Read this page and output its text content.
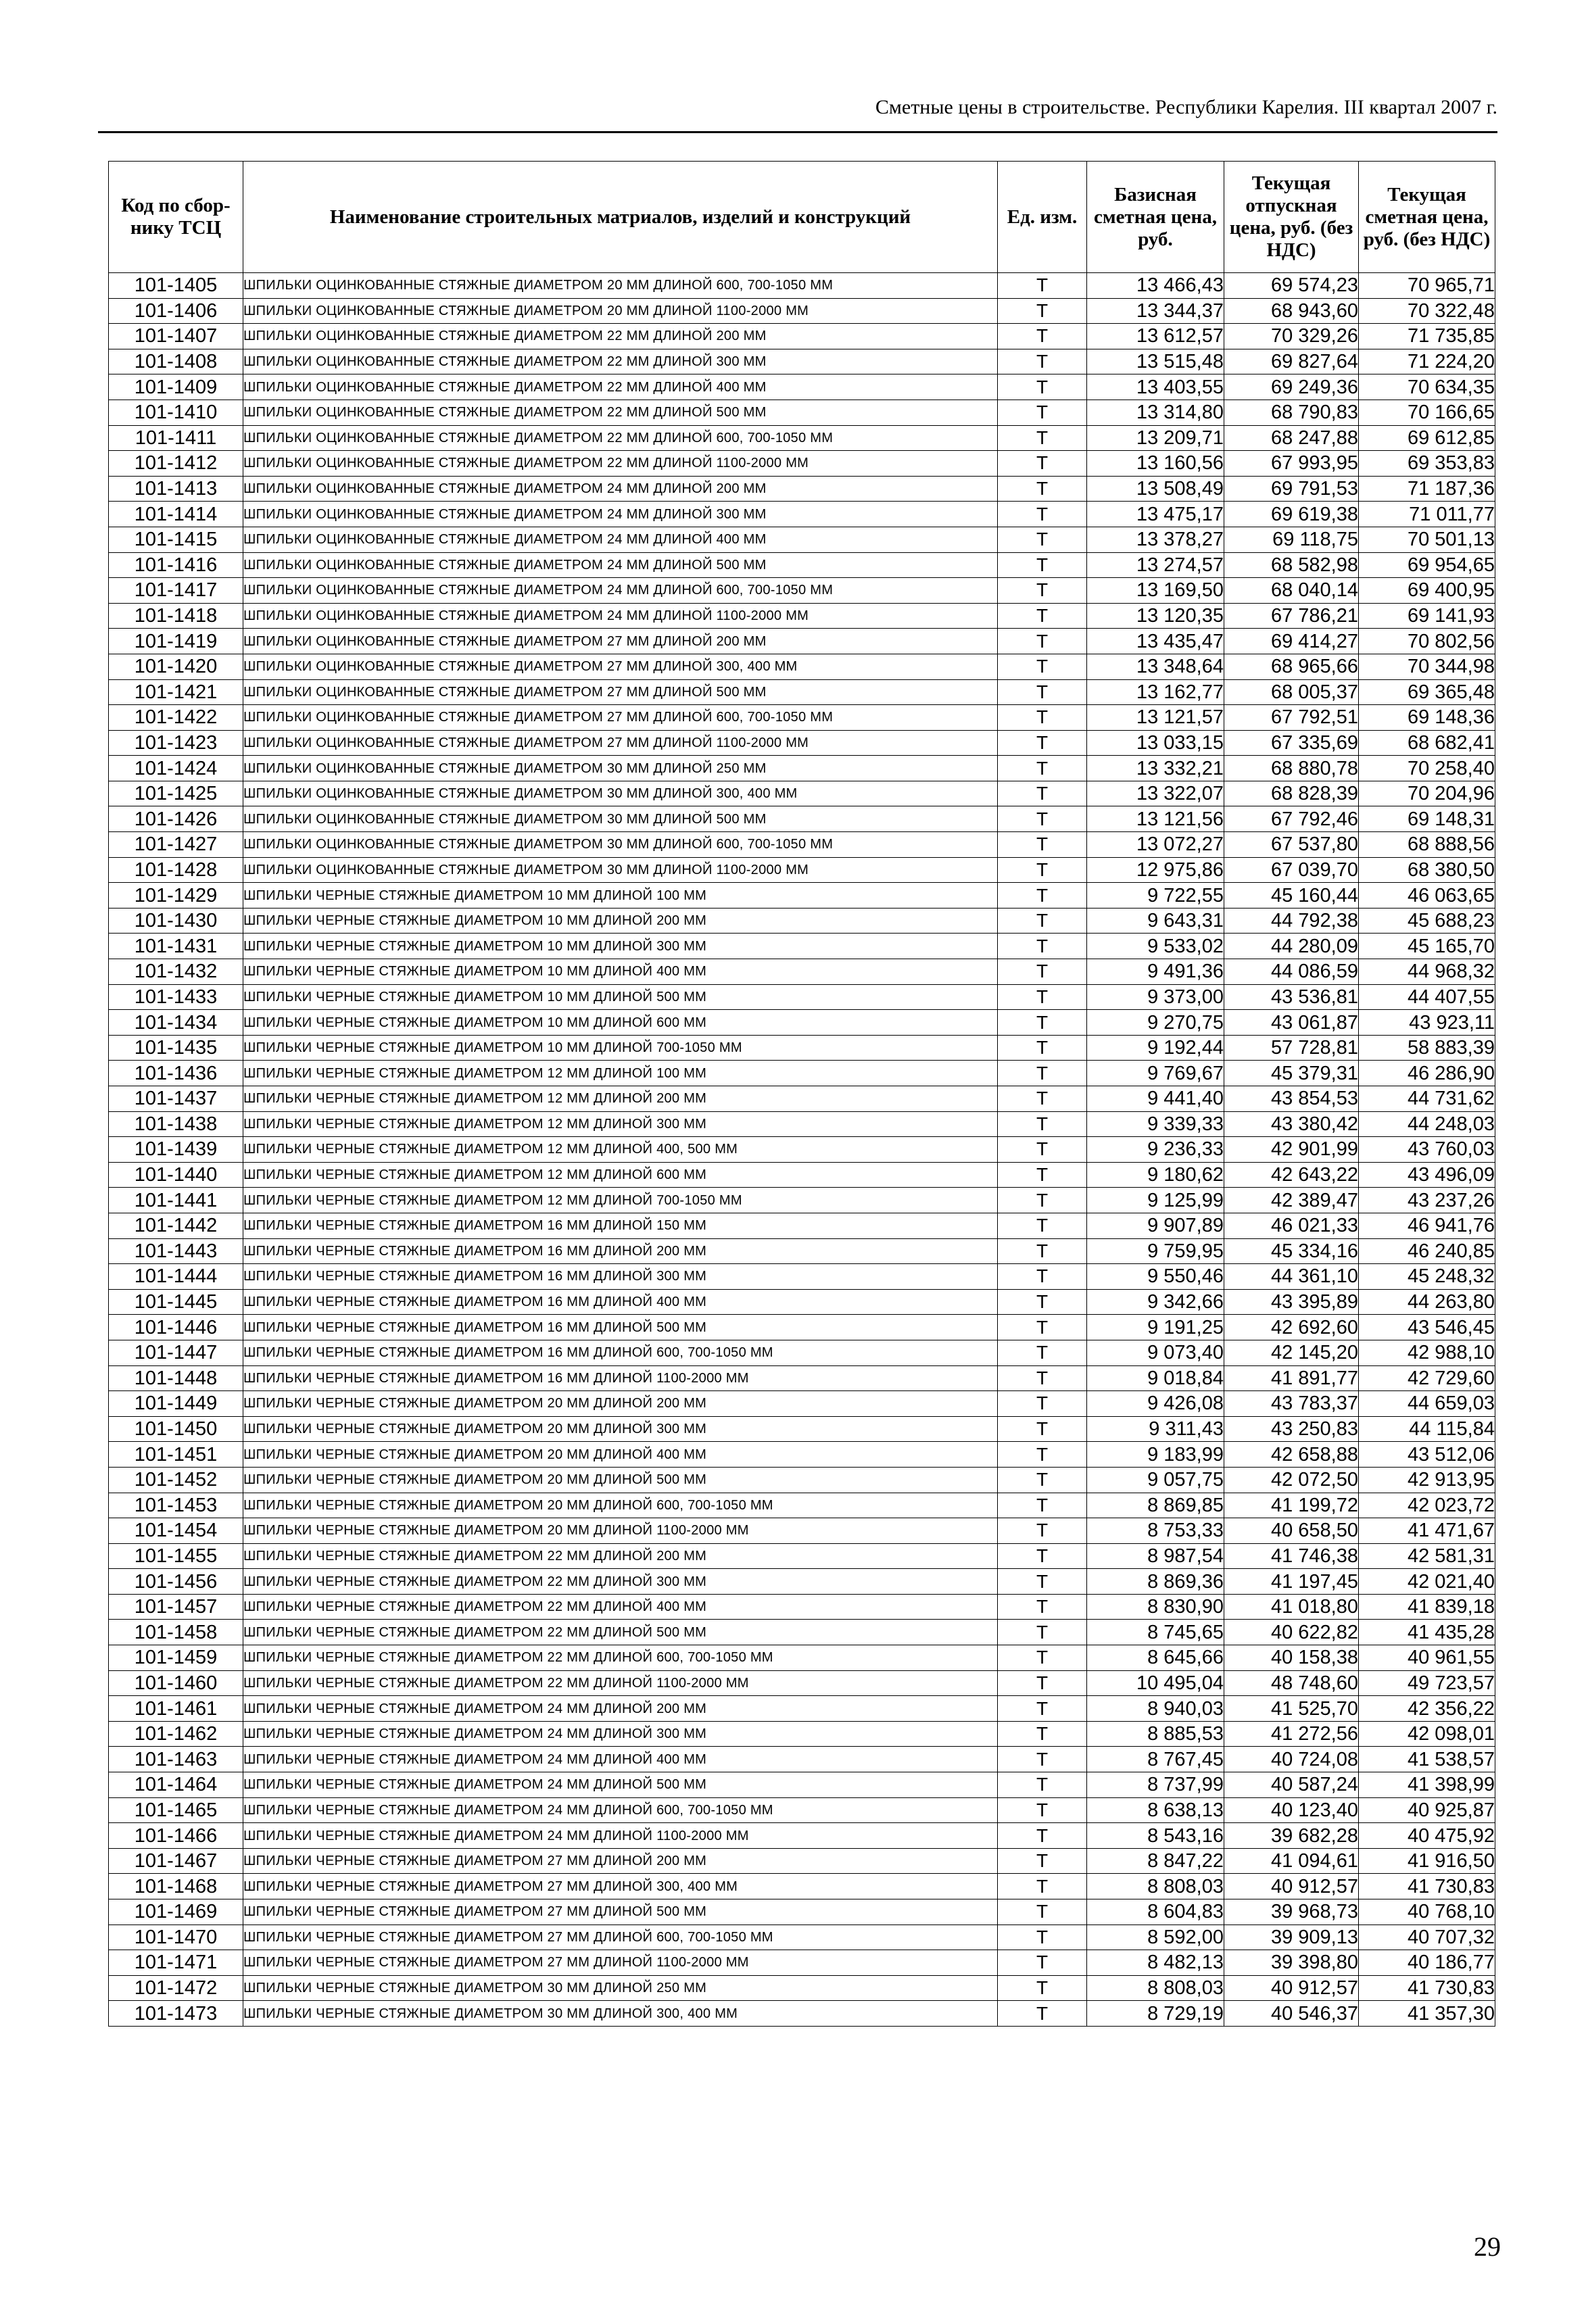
Сметные цены в строительстве. Республики Карелия. III квартал 2007 г.
Код по сбор-нику ТСЦ	Наименование строительных матриалов, изделий и конструкций	Ед. изм.	Базисная сметная цена, руб.	Текущая отпускная цена, руб. (без НДС)	Текущая сметная цена, руб. (без НДС)
101-1405	ШПИЛЬКИ ОЦИНКОВАННЫЕ СТЯЖНЫЕ ДИАМЕТРОМ 20 ММ ДЛИНОЙ 600, 700-1050 ММ	Т	13 466,43	69 574,23	70 965,71
101-1406	ШПИЛЬКИ ОЦИНКОВАННЫЕ СТЯЖНЫЕ ДИАМЕТРОМ 20 ММ ДЛИНОЙ 1100-2000 ММ	Т	13 344,37	68 943,60	70 322,48
101-1407	ШПИЛЬКИ ОЦИНКОВАННЫЕ СТЯЖНЫЕ ДИАМЕТРОМ 22 ММ ДЛИНОЙ 200 ММ	Т	13 612,57	70 329,26	71 735,85
101-1408	ШПИЛЬКИ ОЦИНКОВАННЫЕ СТЯЖНЫЕ ДИАМЕТРОМ 22 ММ ДЛИНОЙ 300 ММ	Т	13 515,48	69 827,64	71 224,20
101-1409	ШПИЛЬКИ ОЦИНКОВАННЫЕ СТЯЖНЫЕ ДИАМЕТРОМ 22 ММ ДЛИНОЙ 400 ММ	Т	13 403,55	69 249,36	70 634,35
101-1410	ШПИЛЬКИ ОЦИНКОВАННЫЕ СТЯЖНЫЕ ДИАМЕТРОМ 22 ММ ДЛИНОЙ 500 ММ	Т	13 314,80	68 790,83	70 166,65
101-1411	ШПИЛЬКИ ОЦИНКОВАННЫЕ СТЯЖНЫЕ ДИАМЕТРОМ 22 ММ ДЛИНОЙ 600, 700-1050 ММ	Т	13 209,71	68 247,88	69 612,85
101-1412	ШПИЛЬКИ ОЦИНКОВАННЫЕ СТЯЖНЫЕ ДИАМЕТРОМ 22 ММ ДЛИНОЙ 1100-2000 ММ	Т	13 160,56	67 993,95	69 353,83
101-1413	ШПИЛЬКИ ОЦИНКОВАННЫЕ СТЯЖНЫЕ ДИАМЕТРОМ 24 ММ ДЛИНОЙ 200 ММ	Т	13 508,49	69 791,53	71 187,36
101-1414	ШПИЛЬКИ ОЦИНКОВАННЫЕ СТЯЖНЫЕ ДИАМЕТРОМ 24 ММ ДЛИНОЙ 300 ММ	Т	13 475,17	69 619,38	71 011,77
101-1415	ШПИЛЬКИ ОЦИНКОВАННЫЕ СТЯЖНЫЕ ДИАМЕТРОМ 24 ММ ДЛИНОЙ 400 ММ	Т	13 378,27	69 118,75	70 501,13
101-1416	ШПИЛЬКИ ОЦИНКОВАННЫЕ СТЯЖНЫЕ ДИАМЕТРОМ 24 ММ ДЛИНОЙ 500 ММ	Т	13 274,57	68 582,98	69 954,65
101-1417	ШПИЛЬКИ ОЦИНКОВАННЫЕ СТЯЖНЫЕ ДИАМЕТРОМ 24 ММ ДЛИНОЙ 600, 700-1050 ММ	Т	13 169,50	68 040,14	69 400,95
101-1418	ШПИЛЬКИ ОЦИНКОВАННЫЕ СТЯЖНЫЕ ДИАМЕТРОМ 24 ММ ДЛИНОЙ 1100-2000 ММ	Т	13 120,35	67 786,21	69 141,93
101-1419	ШПИЛЬКИ ОЦИНКОВАННЫЕ СТЯЖНЫЕ ДИАМЕТРОМ 27 ММ ДЛИНОЙ 200 ММ	Т	13 435,47	69 414,27	70 802,56
101-1420	ШПИЛЬКИ ОЦИНКОВАННЫЕ СТЯЖНЫЕ ДИАМЕТРОМ 27 ММ ДЛИНОЙ 300, 400 ММ	Т	13 348,64	68 965,66	70 344,98
101-1421	ШПИЛЬКИ ОЦИНКОВАННЫЕ СТЯЖНЫЕ ДИАМЕТРОМ 27 ММ ДЛИНОЙ 500 ММ	Т	13 162,77	68 005,37	69 365,48
101-1422	ШПИЛЬКИ ОЦИНКОВАННЫЕ СТЯЖНЫЕ ДИАМЕТРОМ 27 ММ ДЛИНОЙ 600, 700-1050 ММ	Т	13 121,57	67 792,51	69 148,36
101-1423	ШПИЛЬКИ ОЦИНКОВАННЫЕ СТЯЖНЫЕ ДИАМЕТРОМ 27 ММ ДЛИНОЙ 1100-2000 ММ	Т	13 033,15	67 335,69	68 682,41
101-1424	ШПИЛЬКИ ОЦИНКОВАННЫЕ СТЯЖНЫЕ ДИАМЕТРОМ 30 ММ ДЛИНОЙ 250 ММ	Т	13 332,21	68 880,78	70 258,40
101-1425	ШПИЛЬКИ ОЦИНКОВАННЫЕ СТЯЖНЫЕ ДИАМЕТРОМ 30 ММ ДЛИНОЙ 300, 400 ММ	Т	13 322,07	68 828,39	70 204,96
101-1426	ШПИЛЬКИ ОЦИНКОВАННЫЕ СТЯЖНЫЕ ДИАМЕТРОМ 30 ММ ДЛИНОЙ 500 ММ	Т	13 121,56	67 792,46	69 148,31
101-1427	ШПИЛЬКИ ОЦИНКОВАННЫЕ СТЯЖНЫЕ ДИАМЕТРОМ 30 ММ ДЛИНОЙ 600, 700-1050 ММ	Т	13 072,27	67 537,80	68 888,56
101-1428	ШПИЛЬКИ ОЦИНКОВАННЫЕ СТЯЖНЫЕ ДИАМЕТРОМ 30 ММ ДЛИНОЙ 1100-2000 ММ	Т	12 975,86	67 039,70	68 380,50
101-1429	ШПИЛЬКИ ЧЕРНЫЕ СТЯЖНЫЕ ДИАМЕТРОМ 10 ММ ДЛИНОЙ 100 ММ	Т	9 722,55	45 160,44	46 063,65
101-1430	ШПИЛЬКИ ЧЕРНЫЕ СТЯЖНЫЕ ДИАМЕТРОМ 10 ММ ДЛИНОЙ 200 ММ	Т	9 643,31	44 792,38	45 688,23
101-1431	ШПИЛЬКИ ЧЕРНЫЕ СТЯЖНЫЕ ДИАМЕТРОМ 10 ММ ДЛИНОЙ 300 ММ	Т	9 533,02	44 280,09	45 165,70
101-1432	ШПИЛЬКИ ЧЕРНЫЕ СТЯЖНЫЕ ДИАМЕТРОМ 10 ММ ДЛИНОЙ 400 ММ	Т	9 491,36	44 086,59	44 968,32
101-1433	ШПИЛЬКИ ЧЕРНЫЕ СТЯЖНЫЕ ДИАМЕТРОМ 10 ММ ДЛИНОЙ 500 ММ	Т	9 373,00	43 536,81	44 407,55
101-1434	ШПИЛЬКИ ЧЕРНЫЕ СТЯЖНЫЕ ДИАМЕТРОМ 10 ММ ДЛИНОЙ 600 ММ	Т	9 270,75	43 061,87	43 923,11
101-1435	ШПИЛЬКИ ЧЕРНЫЕ СТЯЖНЫЕ ДИАМЕТРОМ 10 ММ ДЛИНОЙ 700-1050 ММ	Т	9 192,44	57 728,81	58 883,39
101-1436	ШПИЛЬКИ ЧЕРНЫЕ СТЯЖНЫЕ ДИАМЕТРОМ 12 ММ ДЛИНОЙ 100 ММ	Т	9 769,67	45 379,31	46 286,90
101-1437	ШПИЛЬКИ ЧЕРНЫЕ СТЯЖНЫЕ ДИАМЕТРОМ 12 ММ ДЛИНОЙ 200 ММ	Т	9 441,40	43 854,53	44 731,62
101-1438	ШПИЛЬКИ ЧЕРНЫЕ СТЯЖНЫЕ ДИАМЕТРОМ 12 ММ ДЛИНОЙ 300 ММ	Т	9 339,33	43 380,42	44 248,03
101-1439	ШПИЛЬКИ ЧЕРНЫЕ СТЯЖНЫЕ ДИАМЕТРОМ 12 ММ ДЛИНОЙ 400, 500 ММ	Т	9 236,33	42 901,99	43 760,03
101-1440	ШПИЛЬКИ ЧЕРНЫЕ СТЯЖНЫЕ ДИАМЕТРОМ 12 ММ ДЛИНОЙ 600 ММ	Т	9 180,62	42 643,22	43 496,09
101-1441	ШПИЛЬКИ ЧЕРНЫЕ СТЯЖНЫЕ ДИАМЕТРОМ 12 ММ ДЛИНОЙ 700-1050 ММ	Т	9 125,99	42 389,47	43 237,26
101-1442	ШПИЛЬКИ ЧЕРНЫЕ СТЯЖНЫЕ ДИАМЕТРОМ 16 ММ ДЛИНОЙ 150 ММ	Т	9 907,89	46 021,33	46 941,76
101-1443	ШПИЛЬКИ ЧЕРНЫЕ СТЯЖНЫЕ ДИАМЕТРОМ 16 ММ ДЛИНОЙ 200 ММ	Т	9 759,95	45 334,16	46 240,85
101-1444	ШПИЛЬКИ ЧЕРНЫЕ СТЯЖНЫЕ ДИАМЕТРОМ 16 ММ ДЛИНОЙ 300 ММ	Т	9 550,46	44 361,10	45 248,32
101-1445	ШПИЛЬКИ ЧЕРНЫЕ СТЯЖНЫЕ ДИАМЕТРОМ 16 ММ ДЛИНОЙ 400 ММ	Т	9 342,66	43 395,89	44 263,80
101-1446	ШПИЛЬКИ ЧЕРНЫЕ СТЯЖНЫЕ ДИАМЕТРОМ 16 ММ ДЛИНОЙ 500 ММ	Т	9 191,25	42 692,60	43 546,45
101-1447	ШПИЛЬКИ ЧЕРНЫЕ СТЯЖНЫЕ ДИАМЕТРОМ 16 ММ ДЛИНОЙ 600, 700-1050 ММ	Т	9 073,40	42 145,20	42 988,10
101-1448	ШПИЛЬКИ ЧЕРНЫЕ СТЯЖНЫЕ ДИАМЕТРОМ 16 ММ ДЛИНОЙ 1100-2000 ММ	Т	9 018,84	41 891,77	42 729,60
101-1449	ШПИЛЬКИ ЧЕРНЫЕ СТЯЖНЫЕ ДИАМЕТРОМ 20 ММ ДЛИНОЙ 200 ММ	Т	9 426,08	43 783,37	44 659,03
101-1450	ШПИЛЬКИ ЧЕРНЫЕ СТЯЖНЫЕ ДИАМЕТРОМ 20 ММ ДЛИНОЙ 300 ММ	Т	9 311,43	43 250,83	44 115,84
101-1451	ШПИЛЬКИ ЧЕРНЫЕ СТЯЖНЫЕ ДИАМЕТРОМ 20 ММ ДЛИНОЙ 400 ММ	Т	9 183,99	42 658,88	43 512,06
101-1452	ШПИЛЬКИ ЧЕРНЫЕ СТЯЖНЫЕ ДИАМЕТРОМ 20 ММ ДЛИНОЙ 500 ММ	Т	9 057,75	42 072,50	42 913,95
101-1453	ШПИЛЬКИ ЧЕРНЫЕ СТЯЖНЫЕ ДИАМЕТРОМ 20 ММ ДЛИНОЙ 600, 700-1050 ММ	Т	8 869,85	41 199,72	42 023,72
101-1454	ШПИЛЬКИ ЧЕРНЫЕ СТЯЖНЫЕ ДИАМЕТРОМ 20 ММ ДЛИНОЙ 1100-2000 ММ	Т	8 753,33	40 658,50	41 471,67
101-1455	ШПИЛЬКИ ЧЕРНЫЕ СТЯЖНЫЕ ДИАМЕТРОМ 22 ММ ДЛИНОЙ 200 ММ	Т	8 987,54	41 746,38	42 581,31
101-1456	ШПИЛЬКИ ЧЕРНЫЕ СТЯЖНЫЕ ДИАМЕТРОМ 22 ММ ДЛИНОЙ 300 ММ	Т	8 869,36	41 197,45	42 021,40
101-1457	ШПИЛЬКИ ЧЕРНЫЕ СТЯЖНЫЕ ДИАМЕТРОМ 22 ММ ДЛИНОЙ 400 ММ	Т	8 830,90	41 018,80	41 839,18
101-1458	ШПИЛЬКИ ЧЕРНЫЕ СТЯЖНЫЕ ДИАМЕТРОМ 22 ММ ДЛИНОЙ 500 ММ	Т	8 745,65	40 622,82	41 435,28
101-1459	ШПИЛЬКИ ЧЕРНЫЕ СТЯЖНЫЕ ДИАМЕТРОМ 22 ММ ДЛИНОЙ 600, 700-1050 ММ	Т	8 645,66	40 158,38	40 961,55
101-1460	ШПИЛЬКИ ЧЕРНЫЕ СТЯЖНЫЕ ДИАМЕТРОМ 22 ММ ДЛИНОЙ 1100-2000 ММ	Т	10 495,04	48 748,60	49 723,57
101-1461	ШПИЛЬКИ ЧЕРНЫЕ СТЯЖНЫЕ ДИАМЕТРОМ 24 ММ ДЛИНОЙ 200 ММ	Т	8 940,03	41 525,70	42 356,22
101-1462	ШПИЛЬКИ ЧЕРНЫЕ СТЯЖНЫЕ ДИАМЕТРОМ 24 ММ ДЛИНОЙ 300 ММ	Т	8 885,53	41 272,56	42 098,01
101-1463	ШПИЛЬКИ ЧЕРНЫЕ СТЯЖНЫЕ ДИАМЕТРОМ 24 ММ ДЛИНОЙ 400 ММ	Т	8 767,45	40 724,08	41 538,57
101-1464	ШПИЛЬКИ ЧЕРНЫЕ СТЯЖНЫЕ ДИАМЕТРОМ 24 ММ ДЛИНОЙ 500 ММ	Т	8 737,99	40 587,24	41 398,99
101-1465	ШПИЛЬКИ ЧЕРНЫЕ СТЯЖНЫЕ ДИАМЕТРОМ 24 ММ ДЛИНОЙ 600, 700-1050 ММ	Т	8 638,13	40 123,40	40 925,87
101-1466	ШПИЛЬКИ ЧЕРНЫЕ СТЯЖНЫЕ ДИАМЕТРОМ 24 ММ ДЛИНОЙ 1100-2000 ММ	Т	8 543,16	39 682,28	40 475,92
101-1467	ШПИЛЬКИ ЧЕРНЫЕ СТЯЖНЫЕ ДИАМЕТРОМ 27 ММ ДЛИНОЙ 200 ММ	Т	8 847,22	41 094,61	41 916,50
101-1468	ШПИЛЬКИ ЧЕРНЫЕ СТЯЖНЫЕ ДИАМЕТРОМ 27 ММ ДЛИНОЙ 300, 400 ММ	Т	8 808,03	40 912,57	41 730,83
101-1469	ШПИЛЬКИ ЧЕРНЫЕ СТЯЖНЫЕ ДИАМЕТРОМ 27 ММ ДЛИНОЙ 500 ММ	Т	8 604,83	39 968,73	40 768,10
101-1470	ШПИЛЬКИ ЧЕРНЫЕ СТЯЖНЫЕ ДИАМЕТРОМ 27 ММ ДЛИНОЙ 600, 700-1050 ММ	Т	8 592,00	39 909,13	40 707,32
101-1471	ШПИЛЬКИ ЧЕРНЫЕ СТЯЖНЫЕ ДИАМЕТРОМ 27 ММ ДЛИНОЙ 1100-2000 ММ	Т	8 482,13	39 398,80	40 186,77
101-1472	ШПИЛЬКИ ЧЕРНЫЕ СТЯЖНЫЕ ДИАМЕТРОМ 30 ММ ДЛИНОЙ 250 ММ	Т	8 808,03	40 912,57	41 730,83
101-1473	ШПИЛЬКИ ЧЕРНЫЕ СТЯЖНЫЕ ДИАМЕТРОМ 30 ММ ДЛИНОЙ 300, 400 ММ	Т	8 729,19	40 546,37	41 357,30
29
